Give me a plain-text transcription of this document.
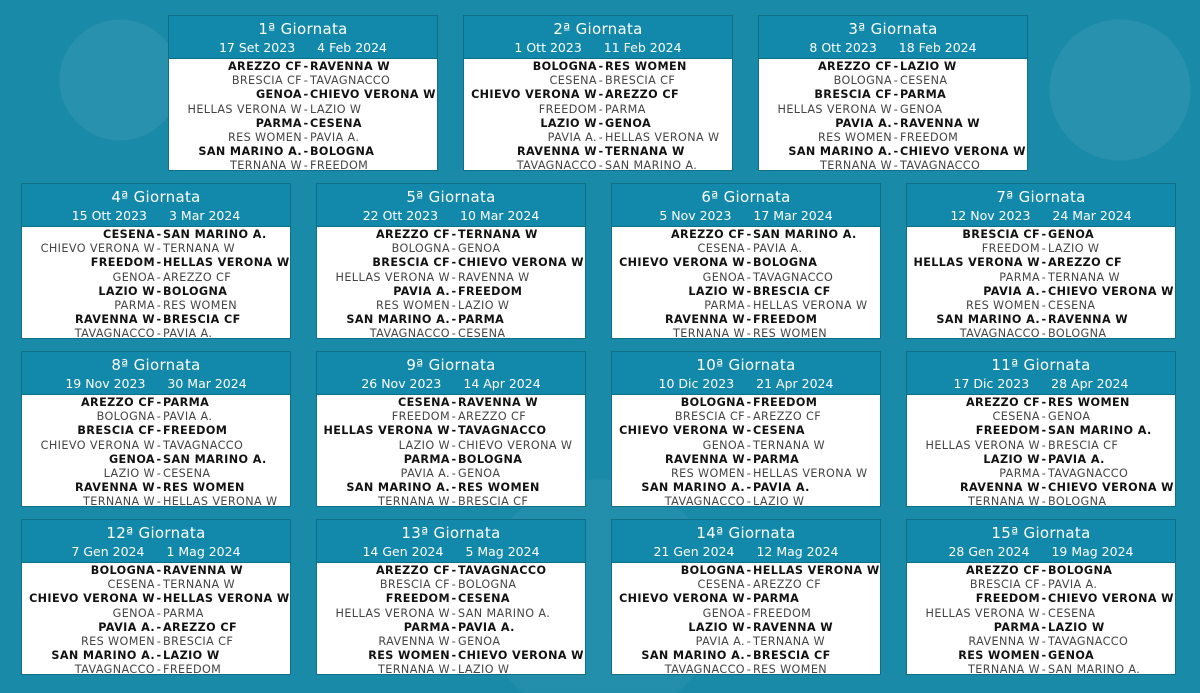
1ª Giornata
17 Set 2023 4 Feb 2024
AREZZO CF - RAVENNA W
BRESCIA CF - TAVAGNACCO
GENOA - CHIEVO VERONA W
HELLAS VERONA W - LAZIO W
PARMA - CESENA
RES WOMEN - PAVIA A.
SAN MARINO A. - BOLOGNA
TERNANA W - FREEDOM
2ª Giornata
1 Ott 2023 11 Feb 2024
BOLOGNA - RES WOMEN
CESENA - BRESCIA CF
CHIEVO VERONA W - AREZZO CF
FREEDOM - PARMA
LAZIO W - GENOA
PAVIA A. - HELLAS VERONA W
RAVENNA W - TERNANA W
TAVAGNACCO - SAN MARINO A.
3ª Giornata
8 Ott 2023 18 Feb 2024
AREZZO CF - LAZIO W
BOLOGNA - CESENA
BRESCIA CF - PARMA
HELLAS VERONA W - GENOA
PAVIA A. - RAVENNA W
RES WOMEN - FREEDOM
SAN MARINO A. - CHIEVO VERONA W
TERNANA W - TAVAGNACCO
4ª Giornata
15 Ott 2023 3 Mar 2024
CESENA - SAN MARINO A.
CHIEVO VERONA W - TERNANA W
FREEDOM - HELLAS VERONA W
GENOA - AREZZO CF
LAZIO W - BOLOGNA
PARMA - RES WOMEN
RAVENNA W - BRESCIA CF
TAVAGNACCO - PAVIA A.
5ª Giornata
22 Ott 2023 10 Mar 2024
AREZZO CF - TERNANA W
BOLOGNA - GENOA
BRESCIA CF - CHIEVO VERONA W
HELLAS VERONA W - RAVENNA W
PAVIA A. - FREEDOM
RES WOMEN - LAZIO W
SAN MARINO A. - PARMA
TAVAGNACCO - CESENA
6ª Giornata
5 Nov 2023 17 Mar 2024
AREZZO CF - SAN MARINO A.
CESENA - PAVIA A.
CHIEVO VERONA W - BOLOGNA
GENOA - TAVAGNACCO
LAZIO W - BRESCIA CF
PARMA - HELLAS VERONA W
RAVENNA W - FREEDOM
TERNANA W - RES WOMEN
7ª Giornata
12 Nov 2023 24 Mar 2024
BRESCIA CF - GENOA
FREEDOM - LAZIO W
HELLAS VERONA W - AREZZO CF
PARMA - TERNANA W
PAVIA A. - CHIEVO VERONA W
RES WOMEN - CESENA
SAN MARINO A. - RAVENNA W
TAVAGNACCO - BOLOGNA
8ª Giornata
19 Nov 2023 30 Mar 2024
AREZZO CF - PARMA
BOLOGNA - PAVIA A.
BRESCIA CF - FREEDOM
CHIEVO VERONA W - TAVAGNACCO
GENOA - SAN MARINO A.
LAZIO W - CESENA
RAVENNA W - RES WOMEN
TERNANA W - HELLAS VERONA W
9ª Giornata
26 Nov 2023 14 Apr 2024
CESENA - RAVENNA W
FREEDOM - AREZZO CF
HELLAS VERONA W - TAVAGNACCO
LAZIO W - CHIEVO VERONA W
PARMA - BOLOGNA
PAVIA A. - GENOA
SAN MARINO A. - RES WOMEN
TERNANA W - BRESCIA CF
10ª Giornata
10 Dic 2023 21 Apr 2024
BOLOGNA - FREEDOM
BRESCIA CF - AREZZO CF
CHIEVO VERONA W - CESENA
GENOA - TERNANA W
RAVENNA W - PARMA
RES WOMEN - HELLAS VERONA W
SAN MARINO A. - PAVIA A.
TAVAGNACCO - LAZIO W
11ª Giornata
17 Dic 2023 28 Apr 2024
AREZZO CF - RES WOMEN
CESENA - GENOA
FREEDOM - SAN MARINO A.
HELLAS VERONA W - BRESCIA CF
LAZIO W - PAVIA A.
PARMA - TAVAGNACCO
RAVENNA W - CHIEVO VERONA W
TERNANA W - BOLOGNA
12ª Giornata
7 Gen 2024 1 Mag 2024
BOLOGNA - RAVENNA W
CESENA - TERNANA W
CHIEVO VERONA W - HELLAS VERONA W
GENOA - PARMA
PAVIA A. - AREZZO CF
RES WOMEN - BRESCIA CF
SAN MARINO A. - LAZIO W
TAVAGNACCO - FREEDOM
13ª Giornata
14 Gen 2024 5 Mag 2024
AREZZO CF - TAVAGNACCO
BRESCIA CF - BOLOGNA
FREEDOM - CESENA
HELLAS VERONA W - SAN MARINO A.
PARMA - PAVIA A.
RAVENNA W - GENOA
RES WOMEN - CHIEVO VERONA W
TERNANA W - LAZIO W
14ª Giornata
21 Gen 2024 12 Mag 2024
BOLOGNA - HELLAS VERONA W
CESENA - AREZZO CF
CHIEVO VERONA W - PARMA
GENOA - FREEDOM
LAZIO W - RAVENNA W
PAVIA A. - TERNANA W
SAN MARINO A. - BRESCIA CF
TAVAGNACCO - RES WOMEN
15ª Giornata
28 Gen 2024 19 Mag 2024
AREZZO CF - BOLOGNA
BRESCIA CF - PAVIA A.
FREEDOM - CHIEVO VERONA W
HELLAS VERONA W - CESENA
PARMA - LAZIO W
RAVENNA W - TAVAGNACCO
RES WOMEN - GENOA
TERNANA W - SAN MARINO A.
